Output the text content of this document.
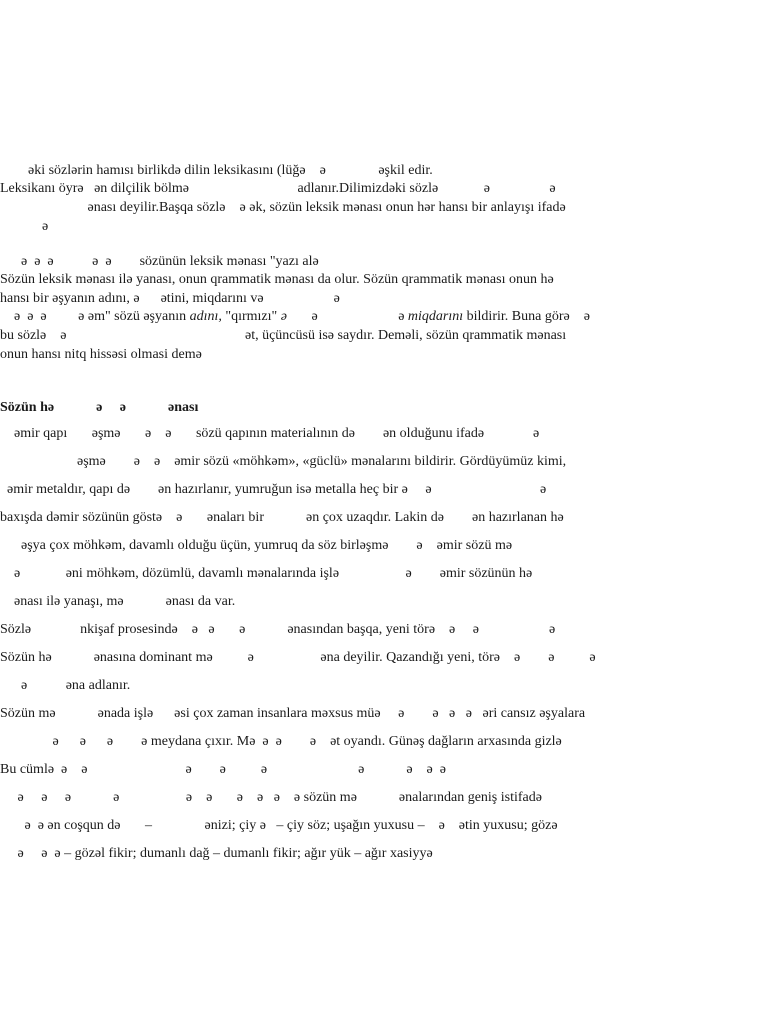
əki sözlərin hamısı birlikdə dilin leksikasını (lüğə    ə               əşkil edir.
Leksikanı öyrə   ən dilçilik bölmə                               adlanır.Dilimizdəki sözlə             ə                 ə
ənası deyilir.Başqa sözlə    ə ək, sözün leksik mənası onun hər hansı bir anlayışı ifadə
ə
ə  ə  ə           ə  ə        sözünün leksik mənası "yazı alə
Sözün leksik mənası ilə yanası, onun qrammatik mənası da olur. Sözün qrammatik mənası onun hə
hansı bir əşyanın adını, ə      ətini, miqdarını və                    ə
ə  ə  ə         ə əm" sözü əşyanın adını, "qırmızı" ə       ə                       ə miqdarını bildirir. Buna görə    ə
bu sözlə    ə                                                   ət, üçüncüsü isə saydır. Deməli, sözün qrammatik mənası
onun hansı nitq hissəsi olmasi demə
Sözün hə            ə     ə            ənası
əmir qapı       əşmə       ə    ə       sözü qapının materialının də        ən olduğunu ifadə              ə
əşmə        ə    ə    əmir sözü «möhkəm», «güclü» mənalarını bildirir. Gördüyümüz kimi,
əmir metaldır, qapı də        ən hazırlanır, yumruğun isə metalla heç bir ə     ə                               ə
baxışda dəmir sözünün göstə    ə       ənaları bir            ən çox uzaqdır. Lakin də        ən hazırlanan hə
əşya çox möhkəm, davamlı olduğu üçün, yumruq da söz birləşmə        ə    əmir sözü mə
ə             əni möhkəm, dözümlü, davamlı mənalarında işlə                   ə        əmir sözünün hə
ənası ilə yanaşı, mə            ənası da var.
Sözlə              nkişaf prosesində    ə   ə       ə            ənasından başqa, yeni törə    ə     ə                    ə
Sözün hə            ənasına dominant mə          ə                   əna deyilir. Qazandığı yeni, törə    ə        ə          ə
ə           əna adlanır.
Sözün mə            ənada işlə      əsi çox zaman insanlara məxsus müə     ə        ə   ə   ə   əri cansız əşyalara
ə      ə      ə        ə meydana çıxır. Mə  ə  ə        ə    ət oyandı. Günəş dağların arxasında gizlə
Bu cümlə  ə    ə                            ə        ə          ə                          ə            ə    ə  ə
ə     ə     ə            ə                   ə    ə       ə    ə   ə    ə sözün mə            ənalarından geniş istifadə
ə  ə ən coşqun də       –               ənizi; çiy ə   – çiy söz; uşağın yuxusu –    ə    ətin yuxusu; gözə
ə     ə  ə – gözəl fikir; dumanlı dağ – dumanlı fikir; ağır yük – ağır xasiyyə
